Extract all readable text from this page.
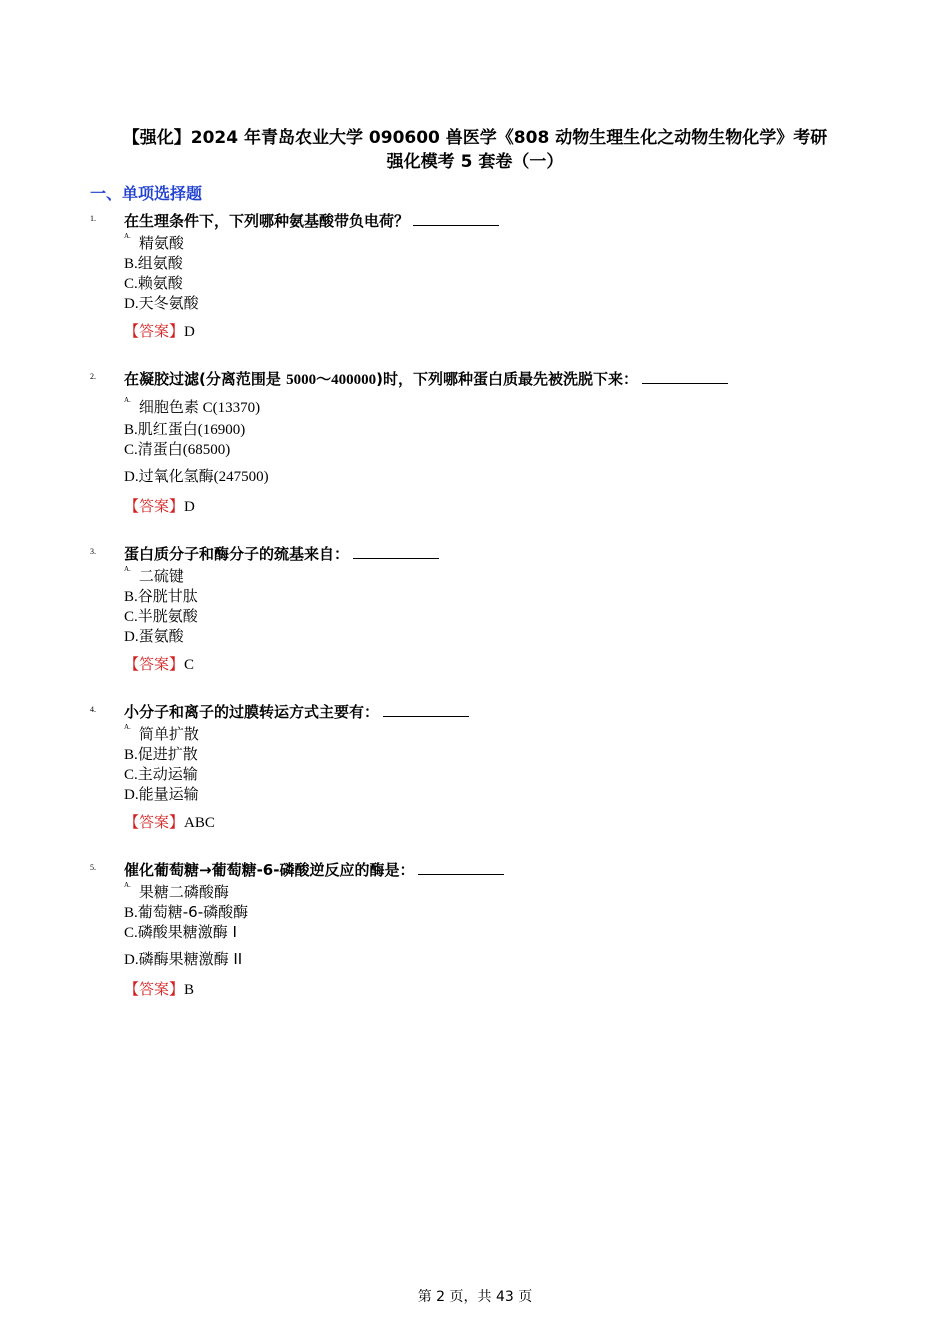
【强化】2024 年青岛农业大学 090600 兽医学《808 动物生理生化之动物生物化学》考研
强化模考 5 套卷（一）
一、单项选择题
1. 在生理条件下，下列哪种氨基酸带负电荷？
$^{A.}$ 精氨酸
B.组氨酸
C.赖氨酸
D.天冬氨酸
【答案】D
2. 在凝胶过滤(分离范围是 5000～400000)时，下列哪种蛋白质最先被洗脱下来：
$^{A.}$ 细胞色素 C(13370)
B.肌红蛋白(16900)
C.清蛋白(68500)
D.过氧化氢酶(247500)
【答案】D
3. 蛋白质分子和酶分子的巯基来自：
$^{A.}$ 二硫键
B.谷胱甘肽
C.半胱氨酸
D.蛋氨酸
【答案】C
4. 小分子和离子的过膜转运方式主要有：
$^{A.}$ 简单扩散
B.促进扩散
C.主动运输
D.能量运输
【答案】ABC
5. 催化葡萄糖→葡萄糖-6-磷酸逆反应的酶是：
$^{A.}$ 果糖二磷酸酶
B.葡萄糖-6-磷酸酶
C.磷酸果糖激酶 I
D.磷酶果糖激酶 II
【答案】B
第 2 页，共 43 页
